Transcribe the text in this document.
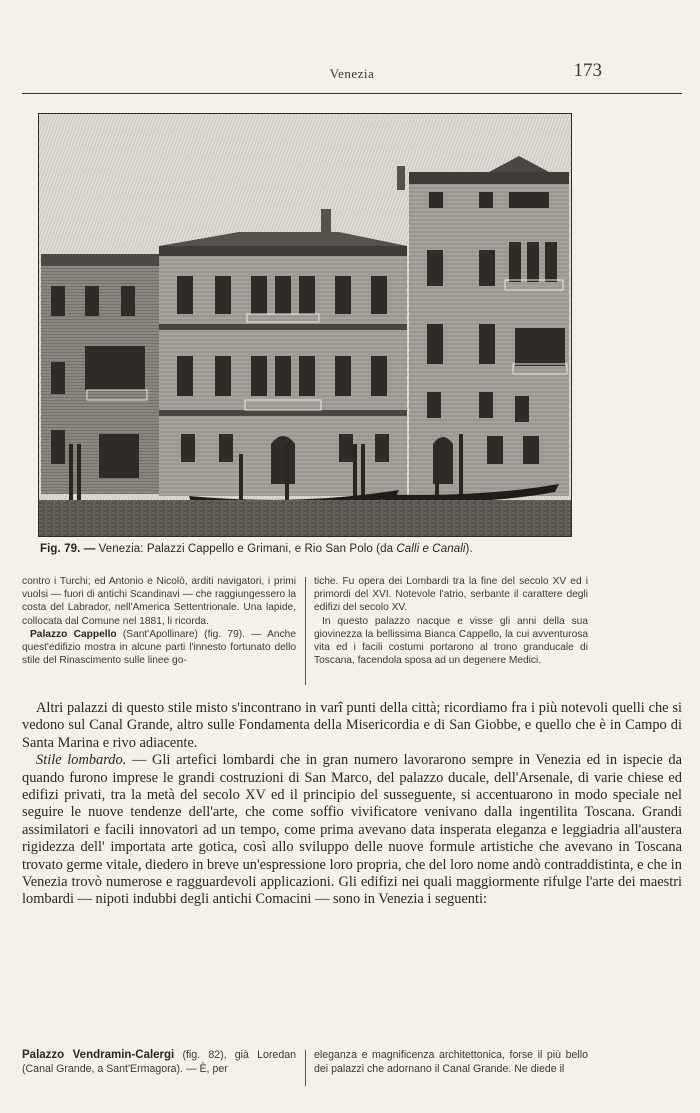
Venezia	173
Fig. 79. — Venezia: Palazzi Cappello e Grimani, e Rio San Polo (da Calli e Canali).

contro i Turchi; ed Antonio e Nicolò, arditi navigatori, i primi vuolsi — fuori di antichi Scandinavi — che raggiungessero la costa del Labrador, nell'America Settentrionale. Una lapide, collocata dal Comune nel 1881, li ricorda.

Palazzo Cappello (Sant'Apollinare) (fig. 79). — Anche quest'edifizio mostra in alcune parti l'innesto fortunato dello stile del Rinascimento sulle linee go-

tiche. Fu opera dei Lombardi tra la fine del secolo XV ed i primordi del XVI. Notevole l'atrio, serbante il carattere degli edifizi del secolo XV.

In questo palazzo nacque e visse gli anni della sua giovinezza la bellissima Bianca Cappello, la cui avventurosa vita ed i facili costumi portarono al trono granducale di Toscana, facendola sposa ad un degenere Medici.

Altri palazzi di questo stile misto s'incontrano in varî punti della città; ricordiamo fra i più notevoli quelli che si vedono sul Canal Grande, altro sulle Fondamenta della Misericordia e di San Giobbe, e quello che è in Campo di Santa Marina e rivo adiacente.

Stile lombardo. — Gli artefici lombardi che in gran numero lavorarono sempre in Venezia ed in ispecie da quando furono imprese le grandi costruzioni di San Marco, del palazzo ducale, dell'Arsenale, di varie chiese ed edifizi privati, tra la metà del secolo XV ed il principio del susseguente, si accentuarono in modo speciale nel seguire le nuove tendenze dell'arte, che come soffio vivificatore venivano dalla ingentilita Toscana. Grandi assimilatori e facili innovatori ad un tempo, come prima avevano data insperata eleganza e leggiadria all'austera rigidezza dell' importata arte gotica, così allo sviluppo delle nuove formule artistiche che avevano in Toscana trovato germe vitale, diedero in breve un'espressione loro propria, che del loro nome andò contraddistinta, e che in Venezia trovò numerose e ragguardevoli applicazioni. Gli edifizi nei quali maggiormente rifulge l'arte dei maestri lombardi — nipoti indubbi degli antichi Comacini — sono in Venezia i seguenti:

Palazzo Vendramin-Calergi (fig. 82), già Loredan (Canal Grande, a Sant'Ermagora). — È, per

eleganza e magnificenza architettonica, forse il più bello dei palazzi che adornano il Canal Grande. Ne diede il
